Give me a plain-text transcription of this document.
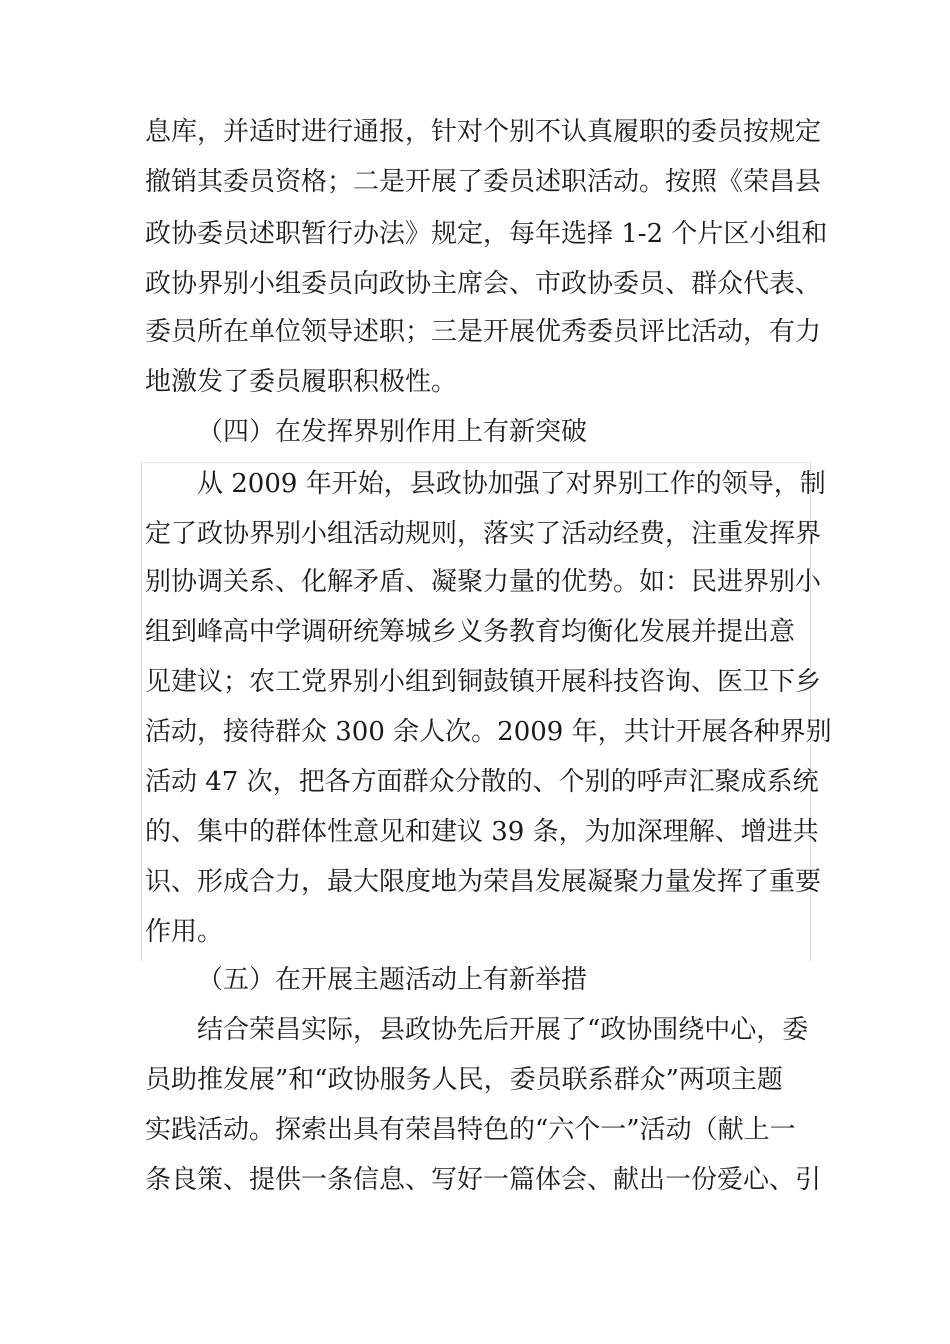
息库，并适时进行通报，针对个别不认真履职的委员按规定
撤销其委员资格；二是开展了委员述职活动。按照《荣昌县
政协委员述职暂行办法》规定，每年选择 1-2 个片区小组和
政协界别小组委员向政协主席会、市政协委员、群众代表、
委员所在单位领导述职；三是开展优秀委员评比活动，有力
地激发了委员履职积极性。
（四）在发挥界别作用上有新突破
从 2009 年开始，县政协加强了对界别工作的领导，制
定了政协界别小组活动规则，落实了活动经费，注重发挥界
别协调关系、化解矛盾、凝聚力量的优势。如：民进界别小
组到峰高中学调研统筹城乡义务教育均衡化发展并提出意
见建议；农工党界别小组到铜鼓镇开展科技咨询、医卫下乡
活动，接待群众 300 余人次。2009 年，共计开展各种界别
活动 47 次，把各方面群众分散的、个别的呼声汇聚成系统
的、集中的群体性意见和建议 39 条，为加深理解、增进共
识、形成合力，最大限度地为荣昌发展凝聚力量发挥了重要
作用。
（五）在开展主题活动上有新举措
结合荣昌实际，县政协先后开展了“政协围绕中心，委
员助推发展”和“政协服务人民，委员联系群众”两项主题
实践活动。探索出具有荣昌特色的“六个一”活动（献上一
条良策、提供一条信息、写好一篇体会、献出一份爱心、引
